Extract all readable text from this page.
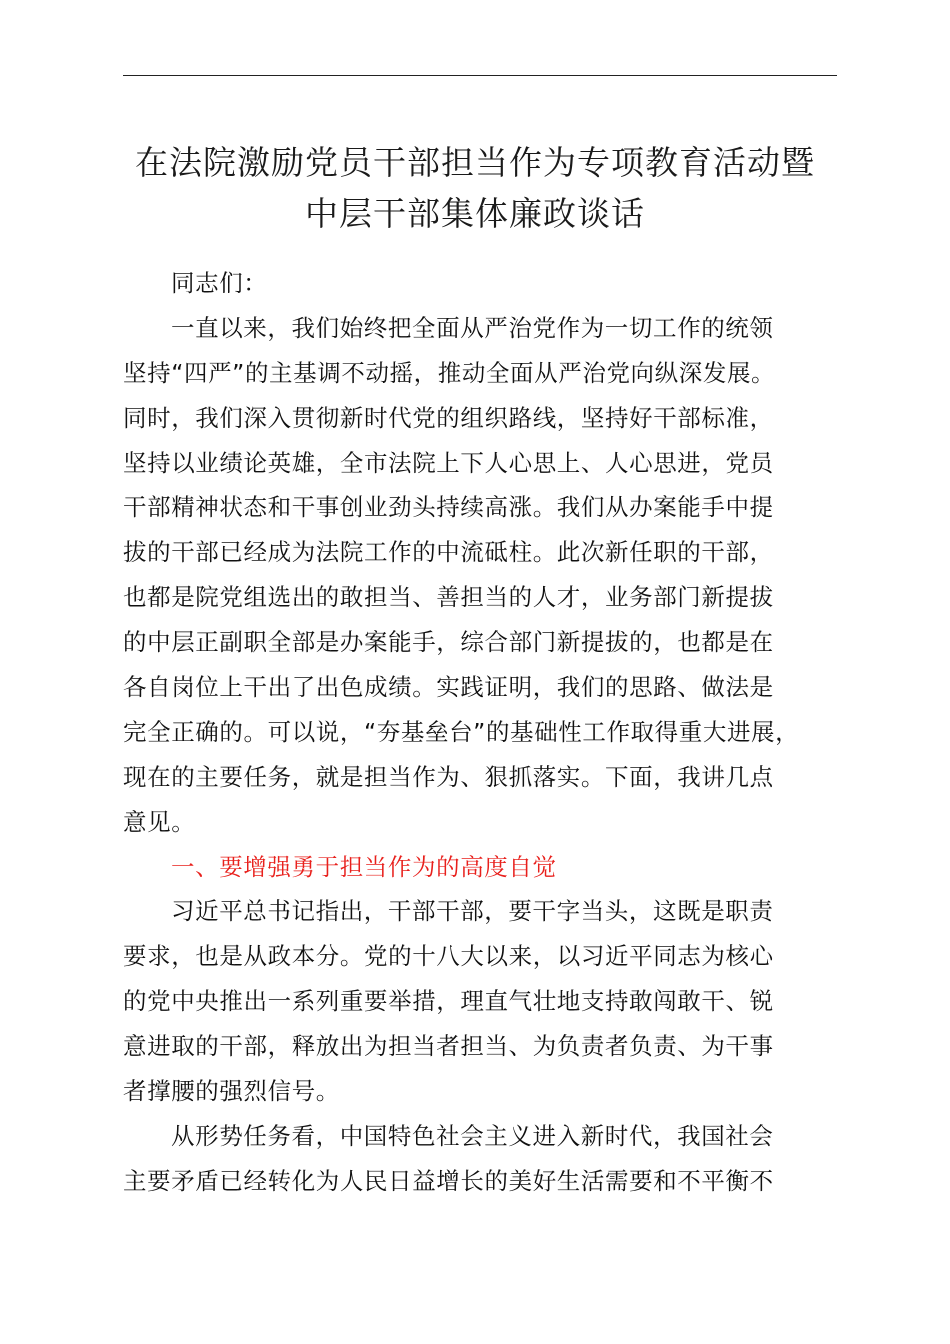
在法院激励党员干部担当作为专项教育活动暨
中层干部集体廉政谈话
同志们：
一直以来，我们始终把全面从严治党作为一切工作的统领
坚持“四严”的主基调不动摇，推动全面从严治党向纵深发展。
同时，我们深入贯彻新时代党的组织路线，坚持好干部标准，
坚持以业绩论英雄，全市法院上下人心思上、人心思进，党员
干部精神状态和干事创业劲头持续高涨。我们从办案能手中提
拔的干部已经成为法院工作的中流砥柱。此次新任职的干部，
也都是院党组选出的敢担当、善担当的人才，业务部门新提拔
的中层正副职全部是办案能手，综合部门新提拔的，也都是在
各自岗位上干出了出色成绩。实践证明，我们的思路、做法是
完全正确的。可以说，“夯基垒台”的基础性工作取得重大进展，
现在的主要任务，就是担当作为、狠抓落实。下面，我讲几点
意见。
一、要增强勇于担当作为的高度自觉
习近平总书记指出，干部干部，要干字当头，这既是职责
要求，也是从政本分。党的十八大以来，以习近平同志为核心
的党中央推出一系列重要举措，理直气壮地支持敢闯敢干、锐
意进取的干部，释放出为担当者担当、为负责者负责、为干事
者撑腰的强烈信号。
从形势任务看，中国特色社会主义进入新时代，我国社会
主要矛盾已经转化为人民日益增长的美好生活需要和不平衡不
